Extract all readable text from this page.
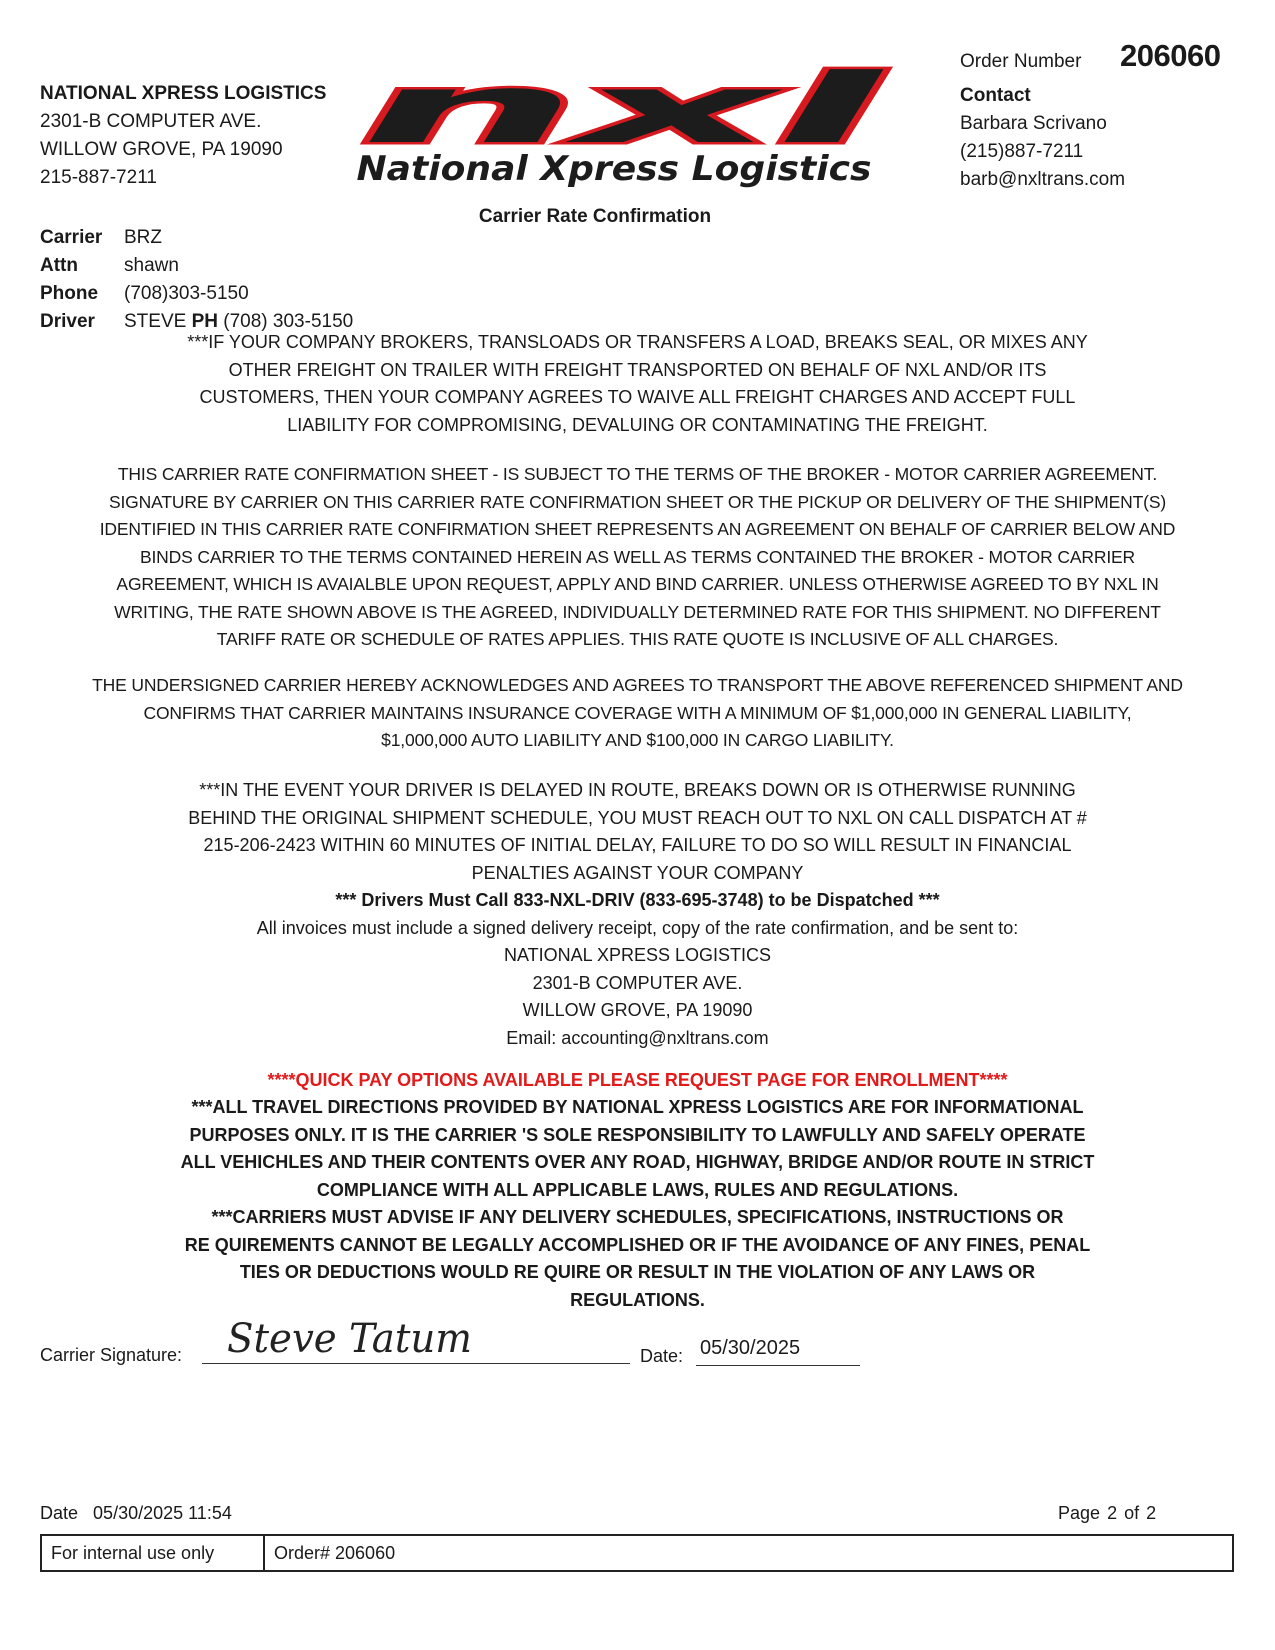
NATIONAL XPRESS LOGISTICS
2301-B COMPUTER AVE.
WILLOW GROVE, PA 19090
215-887-7211
nxl
National Xpress Logistics
Order Number 206060
Contact
Barbara Scrivano
(215)887-7211
barb@nxltrans.com
Carrier Rate Confirmation
Carrier	BRZ
Attn	shawn
Phone	(708)303-5150
Driver	STEVE PH (708) 303-5150
***IF YOUR COMPANY BROKERS, TRANSLOADS OR TRANSFERS A LOAD, BREAKS SEAL, OR MIXES ANY
OTHER FREIGHT ON TRAILER WITH FREIGHT TRANSPORTED ON BEHALF OF NXL AND/OR ITS
CUSTOMERS, THEN YOUR COMPANY AGREES TO WAIVE ALL FREIGHT CHARGES AND ACCEPT FULL
LIABILITY FOR COMPROMISING, DEVALUING OR CONTAMINATING THE FREIGHT.
THIS CARRIER RATE CONFIRMATION SHEET - IS SUBJECT TO THE TERMS OF THE BROKER - MOTOR CARRIER AGREEMENT.
SIGNATURE BY CARRIER ON THIS CARRIER RATE CONFIRMATION SHEET OR THE PICKUP OR DELIVERY OF THE SHIPMENT(S)
IDENTIFIED IN THIS CARRIER RATE CONFIRMATION SHEET REPRESENTS AN AGREEMENT ON BEHALF OF CARRIER BELOW AND
BINDS CARRIER TO THE TERMS CONTAINED HEREIN AS WELL AS TERMS CONTAINED THE BROKER - MOTOR CARRIER
AGREEMENT, WHICH IS AVAIALBLE UPON REQUEST, APPLY AND BIND CARRIER. UNLESS OTHERWISE AGREED TO BY NXL IN
WRITING, THE RATE SHOWN ABOVE IS THE AGREED, INDIVIDUALLY DETERMINED RATE FOR THIS SHIPMENT. NO DIFFERENT
TARIFF RATE OR SCHEDULE OF RATES APPLIES. THIS RATE QUOTE IS INCLUSIVE OF ALL CHARGES.
THE UNDERSIGNED CARRIER HEREBY ACKNOWLEDGES AND AGREES TO TRANSPORT THE ABOVE REFERENCED SHIPMENT AND
CONFIRMS THAT CARRIER MAINTAINS INSURANCE COVERAGE WITH A MINIMUM OF $1,000,000 IN GENERAL LIABILITY,
$1,000,000 AUTO LIABILITY AND $100,000 IN CARGO LIABILITY.
***IN THE EVENT YOUR DRIVER IS DELAYED IN ROUTE, BREAKS DOWN OR IS OTHERWISE RUNNING
BEHIND THE ORIGINAL SHIPMENT SCHEDULE, YOU MUST REACH OUT TO NXL ON CALL DISPATCH AT #
215-206-2423 WITHIN 60 MINUTES OF INITIAL DELAY, FAILURE TO DO SO WILL RESULT IN FINANCIAL
PENALTIES AGAINST YOUR COMPANY
*** Drivers Must Call 833-NXL-DRIV (833-695-3748) to be Dispatched ***
All invoices must include a signed delivery receipt, copy of the rate confirmation, and be sent to:
NATIONAL XPRESS LOGISTICS
2301-B COMPUTER AVE.
WILLOW GROVE, PA 19090
Email: accounting@nxltrans.com
****QUICK PAY OPTIONS AVAILABLE PLEASE REQUEST PAGE FOR ENROLLMENT****
***ALL TRAVEL DIRECTIONS PROVIDED BY NATIONAL XPRESS LOGISTICS ARE FOR INFORMATIONAL
PURPOSES ONLY. IT IS THE CARRIER 'S SOLE RESPONSIBILITY TO LAWFULLY AND SAFELY OPERATE
ALL VEHICHLES AND THEIR CONTENTS OVER ANY ROAD, HIGHWAY, BRIDGE AND/OR ROUTE IN STRICT
COMPLIANCE WITH ALL APPLICABLE LAWS, RULES AND REGULATIONS.
***CARRIERS MUST ADVISE IF ANY DELIVERY SCHEDULES, SPECIFICATIONS, INSTRUCTIONS OR
RE QUIREMENTS CANNOT BE LEGALLY ACCOMPLISHED OR IF THE AVOIDANCE OF ANY FINES, PENAL
TIES OR DEDUCTIONS WOULD RE QUIRE OR RESULT IN THE VIOLATION OF ANY LAWS OR
REGULATIONS.
Carrier Signature: Steve Tatum	Date: 05/30/2025
For internal use only	Order# 206060
Date 05/30/2025 11:54	Page 2 of 2
